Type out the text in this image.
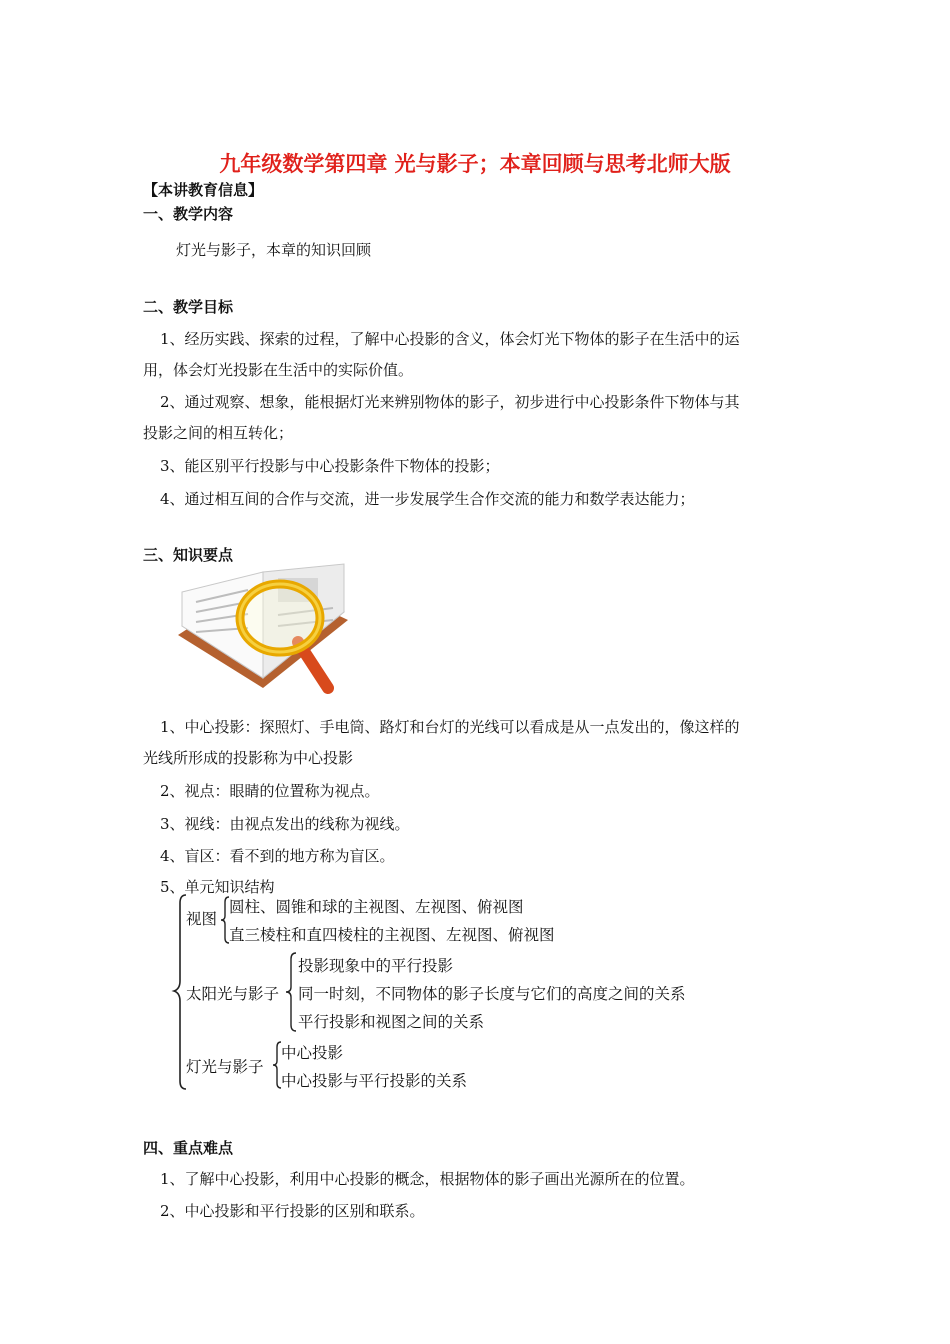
九年级数学第四章 光与影子；本章回顾与思考北师大版
【本讲教育信息】
一、教学内容
灯光与影子，本章的知识回顾
二、教学目标
1、经历实践、探索的过程，了解中心投影的含义，体会灯光下物体的影子在生活中的运
用，体会灯光投影在生活中的实际价值。
2、通过观察、想象，能根据灯光来辨别物体的影子，初步进行中心投影条件下物体与其
投影之间的相互转化；
3、能区别平行投影与中心投影条件下物体的投影；
4、通过相互间的合作与交流，进一步发展学生合作交流的能力和数学表达能力；
三、知识要点
1、中心投影：探照灯、手电筒、路灯和台灯的光线可以看成是从一点发出的，像这样的
光线所形成的投影称为中心投影
2、视点：眼睛的位置称为视点。
3、视线：由视点发出的线称为视线。
4、盲区：看不到的地方称为盲区。
5、单元知识结构
视图
圆柱、圆锥和球的主视图、左视图、俯视图
直三棱柱和直四棱柱的主视图、左视图、俯视图
太阳光与影子
投影现象中的平行投影
同一时刻，不同物体的影子长度与它们的高度之间的关系
平行投影和视图之间的关系
灯光与影子
中心投影
中心投影与平行投影的关系
四、重点难点
1、了解中心投影，利用中心投影的概念，根据物体的影子画出光源所在的位置。
2、中心投影和平行投影的区别和联系。
